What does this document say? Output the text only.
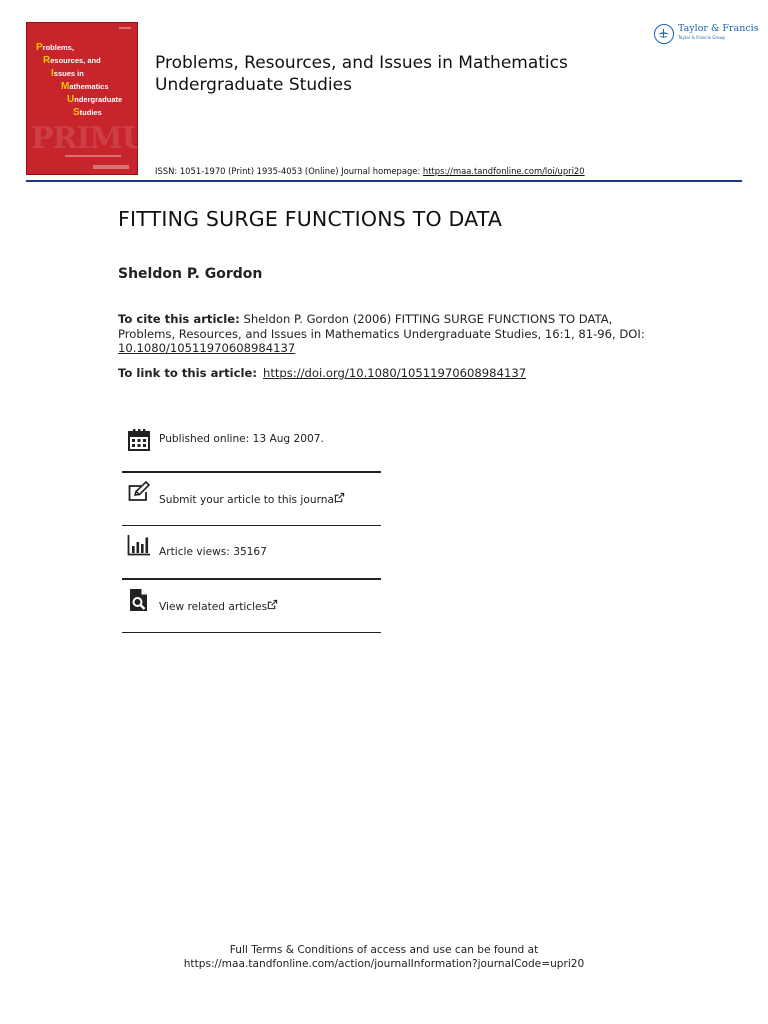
PRIMUS
Problems,
Resources, and
Issues in
Mathematics
Undergraduate
Studies
Problems, Resources, and Issues in Mathematics Undergraduate Studies
ISSN: 1051-1970 (Print) 1935-4053 (Online) Journal homepage: https://maa.tandfonline.com/loi/upri20
Taylor & Francis
Taylor & Francis Group
FITTING SURGE FUNCTIONS TO DATA
Sheldon P. Gordon
To cite this article: Sheldon P. Gordon (2006) FITTING SURGE FUNCTIONS TO DATA, Problems, Resources, and Issues in Mathematics Undergraduate Studies, 16:1, 81-96, DOI: 10.1080/10511970608984137
To link to this article: https://doi.org/10.1080/10511970608984137
Published online: 13 Aug 2007.
Submit your article to this journal
Article views: 35167
View related articles
Full Terms & Conditions of access and use can be found at
https://maa.tandfonline.com/action/journalInformation?journalCode=upri20
